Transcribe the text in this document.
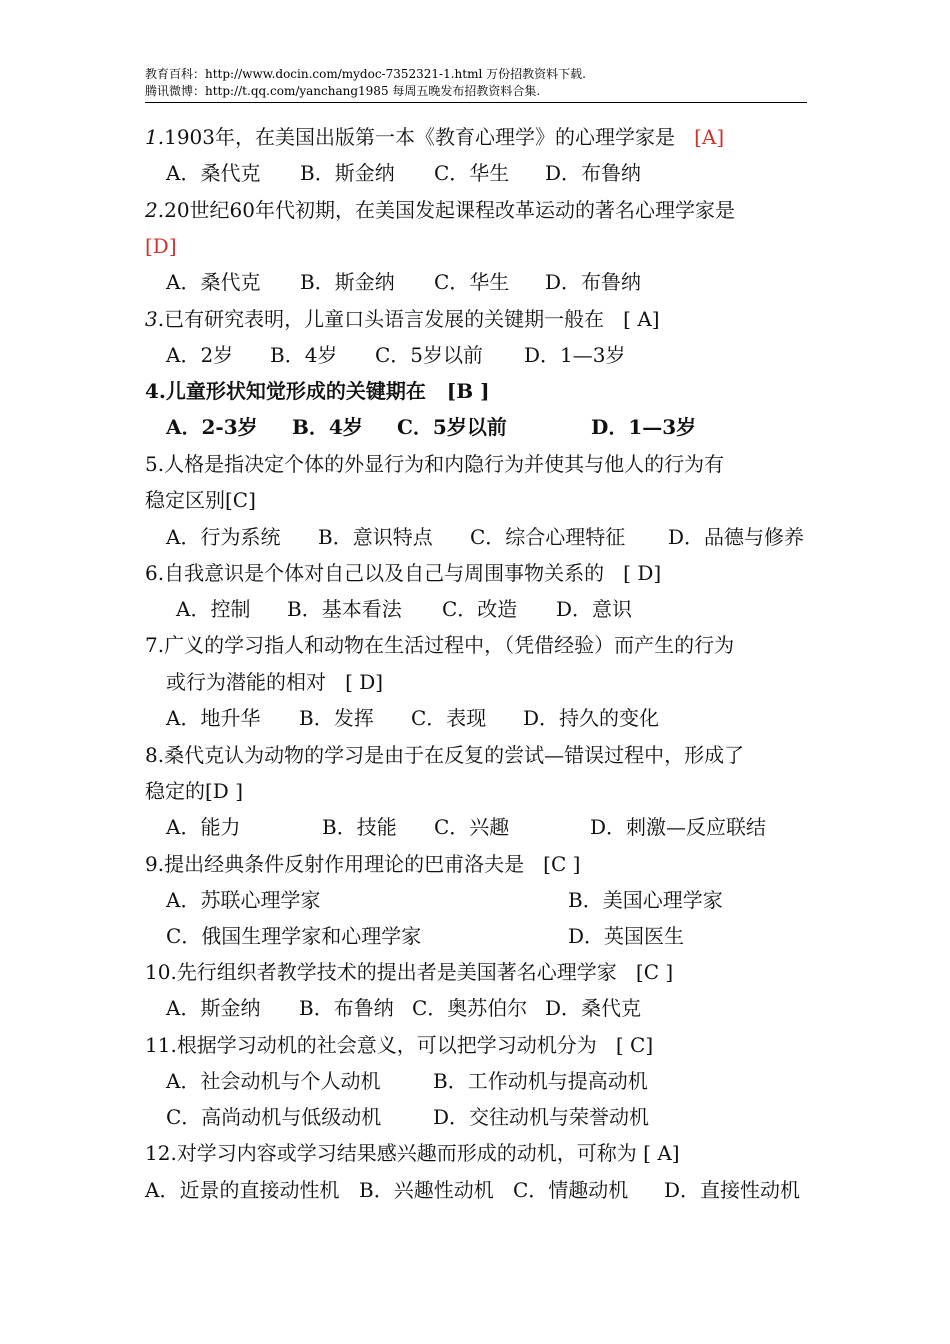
教育百科：http://www.docin.com/mydoc-7352321-1.html 万份招教资料下载.
腾讯微博：http://t.qq.com/yanchang1985 每周五晚发布招教资料合集.
1.1903年，在美国出版第一本《教育心理学》的心理学家是 [A]
A．桑代克 B．斯金纳 C．华生 D．布鲁纳
2.20世纪60年代初期，在美国发起课程改革运动的著名心理学家是
[D]
A．桑代克 B．斯金纳 C．华生 D．布鲁纳
3.已有研究表明，儿童口头语言发展的关键期一般在 [ A]
A．2岁 B．4岁 C．5岁以前 D．1—3岁
4.儿童形状知觉形成的关键期在 [B ]
A．2-3岁 B．4岁 C．5岁以前	D．1—3岁
5.人格是指决定个体的外显行为和内隐行为并使其与他人的行为有
稳定区别[C]
A．行为系统 B．意识特点 C．综合心理特征 D．品德与修养
6.自我意识是个体对自己以及自己与周围事物关系的 [ D]
A．控制 B．基本看法 C．改造 D．意识
7.广义的学习指人和动物在生活过程中，（凭借经验）而产生的行为
或行为潜能的相对 [ D]
A．地升华 B．发挥 C．表现 D．持久的变化
8.桑代克认为动物的学习是由于在反复的尝试—错误过程中，形成了
稳定的[D ]
A．能力	B．技能 C．兴趣	D．刺激—反应联结
9.提出经典条件反射作用理论的巴甫洛夫是 [C ]
A．苏联心理学家	B．美国心理学家
C．俄国生理学家和心理学家	D．英国医生
10.先行组织者教学技术的提出者是美国著名心理学家 [C ]
A．斯金纳 B．布鲁纳 C．奥苏伯尔 D．桑代克
11.根据学习动机的社会意义，可以把学习动机分为 [ C]
A．社会动机与个人动机	B．工作动机与提高动机
C．高尚动机与低级动机	D．交往动机与荣誉动机
12.对学习内容或学习结果感兴趣而形成的动机，可称为 [ A]
A．近景的直接动性机 B．兴趣性动机 C．情趣动机 D．直接性动机
